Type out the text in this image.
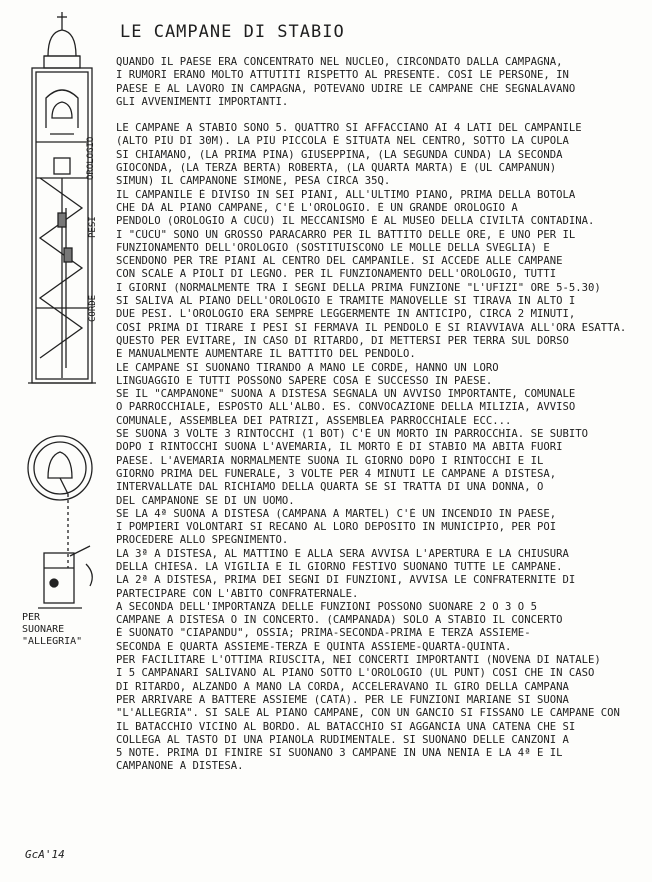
LE CAMPANE DI STABIO
OROLOGIO
PESI
CORDE
PER
SUONARE
"ALLEGRIA"
GcA'14

QUANDO IL PAESE ERA CONCENTRATO NEL NUCLEO, CIRCONDATO DALLA CAMPAGNA,
I RUMORI ERANO MOLTO ATTUTITI RISPETTO AL PRESENTE. COSÌ LE PERSONE, IN
PAESE E AL LAVORO IN CAMPAGNA, POTEVANO UDIRE LE CAMPANE CHE SEGNALAVANO
GLI AVVENIMENTI IMPORTANTI.

LE CAMPANE A STABIO SONO 5. QUATTRO SI AFFACCIANO AI 4 LATI DEL CAMPANILE
(ALTO PIÙ DI 30M). LA PIÙ PICCOLA È SITUATA NEL CENTRO, SOTTO LA CUPOLA
SI CHIAMANO, (LA PRIMA PINA) GIUSEPPINA, (LA SEGUNDA CUNDA) LA SECONDA
GIOCONDA, (LA TERZA BERTA) ROBERTA, (LA QUARTA MARTA) E (UL CAMPANUN)
SIMUN) IL CAMPANONE SIMONE, PESA CIRCA 35Q.
IL CAMPANILE È DIVISO IN SEI PIANI, ALL'ULTIMO PIANO, PRIMA DELLA BOTOLA
CHE DÀ AL PIANO CAMPANE, C'È L'OROLOGIO. È UN GRANDE OROLOGIO A
PENDOLO (OROLOGIO A CÙCÙ) IL MECCANISMO È AL MUSEO DELLA CIVILTÀ CONTADINA.
I "CÙCÙ" SONO UN GROSSO PARACARRO PER IL BATTITO DELLE ORE, E UNO PER IL
FUNZIONAMENTO DELL'OROLOGIO (SOSTITUISCONO LE MOLLE DELLA SVEGLIA) E
SCENDONO PER TRE PIANI AL CENTRO DEL CAMPANILE. SI ACCEDE ALLE CAMPANE
CON SCALE A PIOLI DI LEGNO. PER IL FUNZIONAMENTO DELL'OROLOGIO, TUTTI
I GIORNI (NORMALMENTE TRA I SEGNI DELLA PRIMA FUNZIONE "L'UFIZI" ORE 5-5.30)
SI SALIVA AL PIANO DELL'OROLOGIO E TRAMITE MANOVELLE SI TIRAVA IN ALTO I
DUE PESI. L'OROLOGIO ERA SEMPRE LEGGERMENTE IN ANTICIPO, CIRCA 2 MINUTI,
COSÌ PRIMA DI TIRARE I PESI SI FERMAVA IL PENDOLO E SI RIAVVIAVA ALL'ORA ESATTA.
QUESTO PER EVITARE, IN CASO DI RITARDO, DI METTERSI PER TERRA SUL DORSO
E MANUALMENTE AUMENTARE IL BATTITO DEL PENDOLO.
LE CAMPANE SI SUONANO TIRANDO A MANO LE CORDE, HANNO UN LORO
LINGUAGGIO E TUTTI POSSONO SAPERE COSA È SUCCESSO IN PAESE.
SE IL "CAMPANONE" SUONA A DISTESA SEGNALA UN AVVISO IMPORTANTE, COMUNALE
O PARROCCHIALE, ESPOSTO ALL'ALBO. ES. CONVOCAZIONE DELLA MILIZIA, AVVISO
COMUNALE, ASSEMBLEA DEI PATRIZI, ASSEMBLEA PARROCCHIALE ECC...
SE SUONA 3 VOLTE 3 RINTOCCHI (1 BOT) C'È UN MORTO IN PARROCCHIA. SE SUBITO
DOPO I RINTOCCHI SUONA L'AVEMARIA, IL MORTO È DI STABIO MA ABITA FUORI
PAESE. L'AVEMARIA NORMALMENTE SUONA IL GIORNO DOPO I RINTOCCHI E IL
GIORNO PRIMA DEL FUNERALE, 3 VOLTE PER 4 MINUTI LE CAMPANE A DISTESA,
INTERVALLATE DAL RICHIAMO DELLA QUARTA SE SI TRATTA DI UNA DONNA, O
DEL CAMPANONE SE DI UN UOMO.
SE LA 4ª SUONA A DISTESA (CAMPANA A MARTEL) C'È UN INCENDIO IN PAESE,
I POMPIERI VOLONTARI SI RECANO AL LORO DEPOSITO IN MUNICIPIO, PER POI
PROCEDERE ALLO SPEGNIMENTO.
LA 3ª A DISTESA, AL MATTINO E ALLA SERA AVVISA L'APERTURA E LA CHIUSURA
DELLA CHIESA. LA VIGILIA E IL GIORNO FESTIVO SUONANO TUTTE LE CAMPANE.
LA 2ª A DISTESA, PRIMA DEI SEGNI DI FUNZIONI, AVVISA LE CONFRATERNITE DI
PARTECIPARE CON L'ABITO CONFRATERNALE.
A SECONDA DELL'IMPORTANZA DELLE FUNZIONI POSSONO SUONARE 2 O 3 O 5
CAMPANE A DISTESA O IN CONCERTO. (CAMPANADA) SOLO A STABIO IL CONCERTO
È SUONATO "CIAPANDU", OSSIA; PRIMA-SECONDA-PRIMA E TERZA ASSIEME-
SECONDA E QUARTA ASSIEME-TERZA E QUINTA ASSIEME-QUARTA-QUINTA.
PER FACILITARE L'OTTIMA RIUSCITA, NEI CONCERTI IMPORTANTI (NOVENA DI NATALE)
I 5 CAMPANARI SALIVANO AL PIANO SOTTO L'OROLOGIO (UL PUNT) COSÌ CHE IN CASO
DI RITARDO, ALZANDO A MANO LA CORDA, ACCELERAVANO IL GIRO DELLA CAMPANA
PER ARRIVARE A BATTERE ASSIEME (CATÀ). PER LE FUNZIONI MARIANE SI SUONA
"L'ALLEGRIA". SI SALE AL PIANO CAMPANE, CON UN GANCIO SI FISSANO LE CAMPANE CON
IL BATACCHIO VICINO AL BORDO. AL BATACCHIO SI AGGANCIA UNA CATENA CHE SI
COLLEGA AL TASTO DI UNA PIANOLA RUDIMENTALE. SI SUONANO DELLE CANZONI A
5 NOTE. PRIMA DI FINIRE SI SUONANO 3 CAMPANE IN UNA NENIA E LA 4ª E IL
CAMPANONE A DISTESA.
